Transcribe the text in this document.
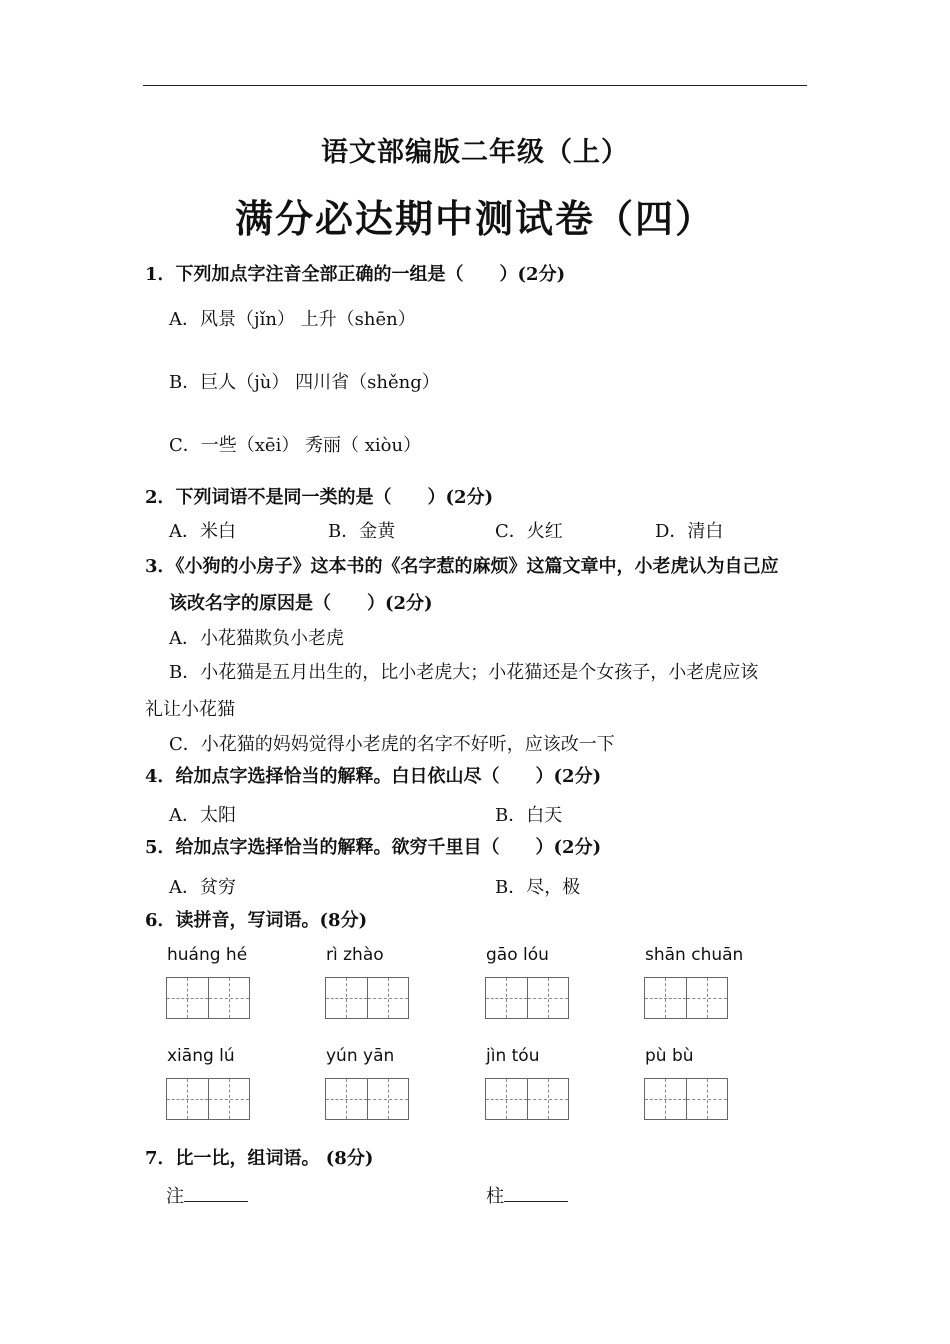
语文部编版二年级（上）
满分必达期中测试卷（四）
1．下列加点字注音全部正确的一组是（　　）(2分)
A．风景（jǐn） 上升（shēn）
B．巨人（jù） 四川省（shěng）
C．一些（xēi） 秀丽（ xiòu）
2．下列词语不是同一类的是（　　）(2分)
A．米白	B．金黄	C．火红	D．清白
3．《小狗的小房子》这本书的《名字惹的麻烦》这篇文章中，小老虎认为自己应
该改名字的原因是（　　）(2分)
A．小花猫欺负小老虎
B．小花猫是五月出生的，比小老虎大；小花猫还是个女孩子，小老虎应该
礼让小花猫
C．小花猫的妈妈觉得小老虎的名字不好听，应该改一下
4．给加点字选择恰当的解释。白日依山尽（　　）(2分)
A．太阳	B．白天
5．给加点字选择恰当的解释。欲穷千里目（　　）(2分)
A．贫穷	B．尽，极
6．读拼音，写词语。(8分)
huáng hé	rì zhào	gāo lóu	shān chuān
xiāng lú	yún yān	jìn tóu	pù bù
7．比一比，组词语。 (8分)
注	柱
